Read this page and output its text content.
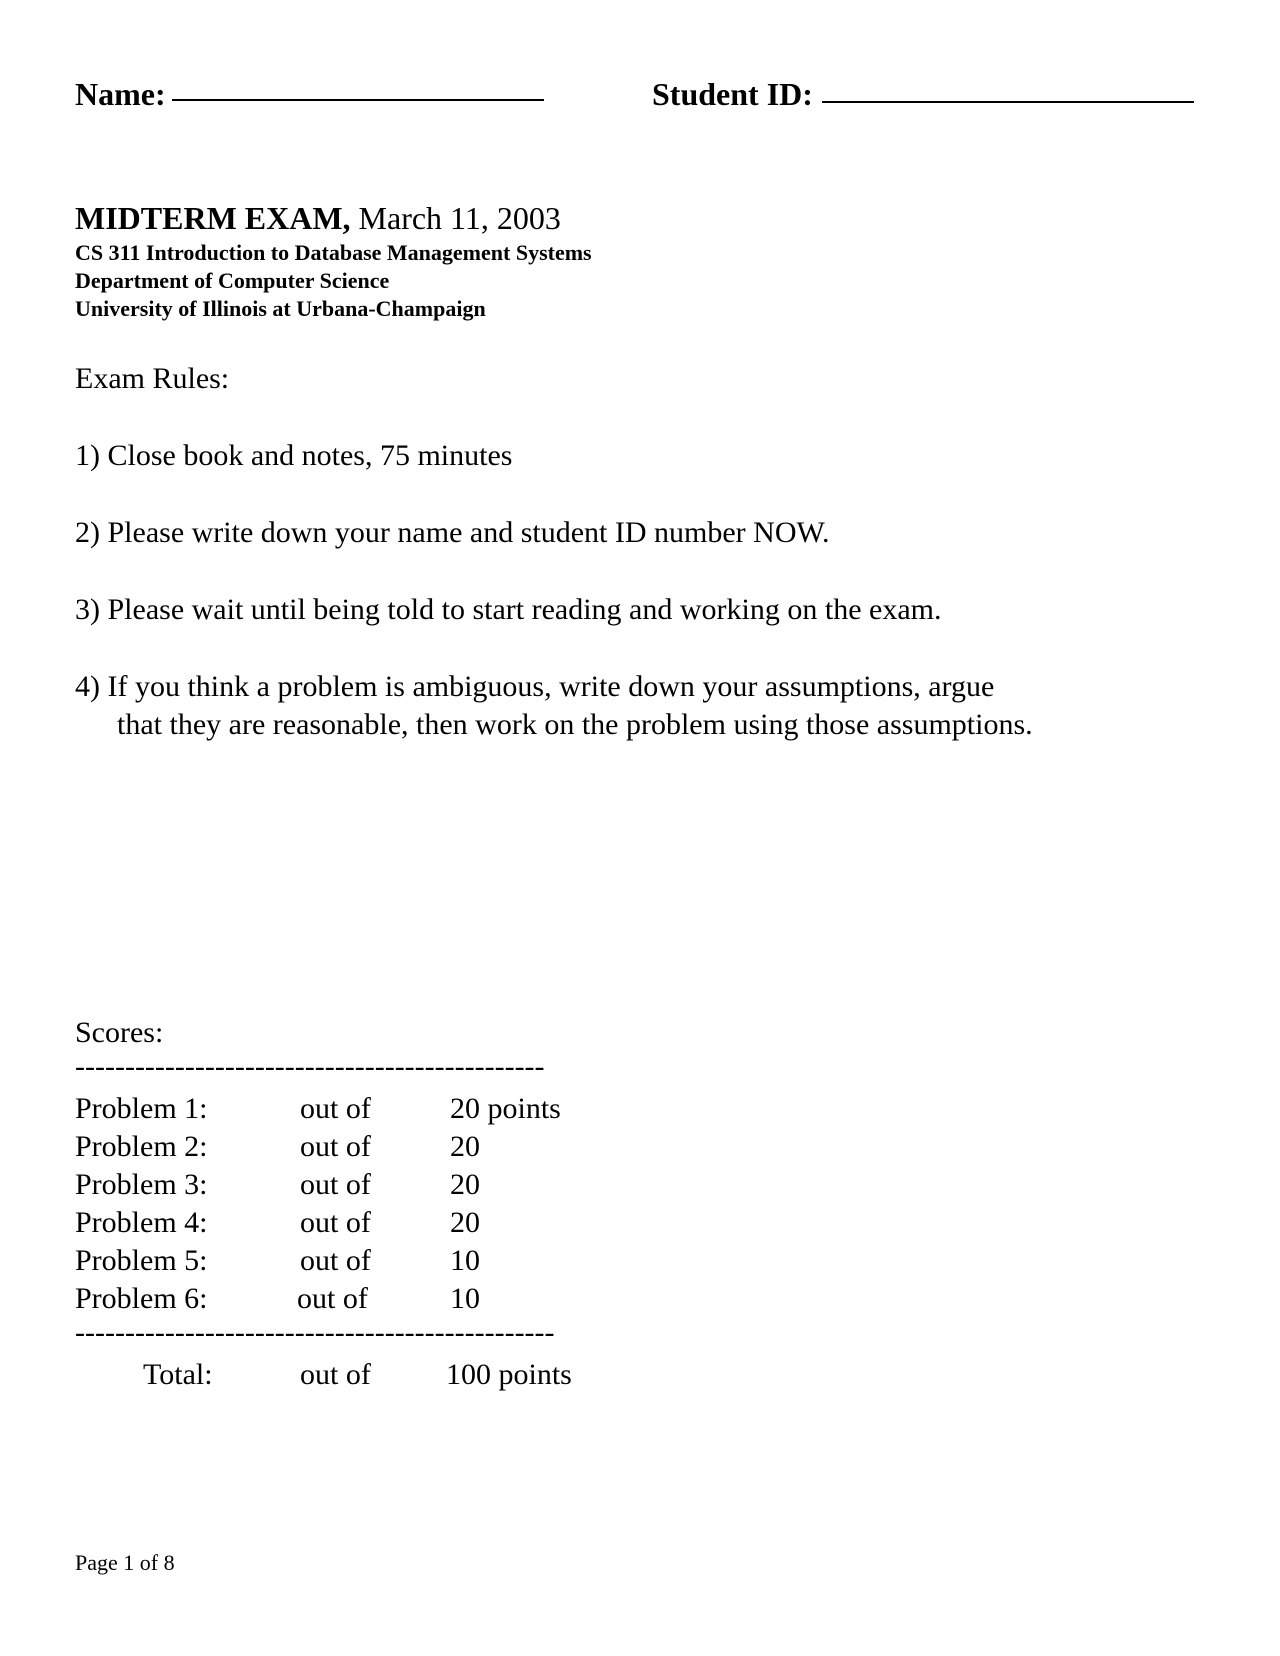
Name:	Student ID:
MIDTERM EXAM, March 11, 2003
CS 311 Introduction to Database Management Systems
Department of Computer Science
University of Illinois at Urbana-Champaign
Exam Rules:
1) Close book and notes, 75 minutes
2) Please write down your name and student ID number NOW.
3) Please wait until being told to start reading and working on the exam.
4) If you think a problem is ambiguous, write down your assumptions, argue
that they are reasonable, then work on the problem using those assumptions.
Scores:
-----------------------------------------------
Problem 1:	out of	20 points
Problem 2:	out of	20
Problem 3:	out of	20
Problem 4:	out of	20
Problem 5:	out of	10
Problem 6:	out of	10
------------------------------------------------
Total:	out of	100 points
Page 1 of 8
